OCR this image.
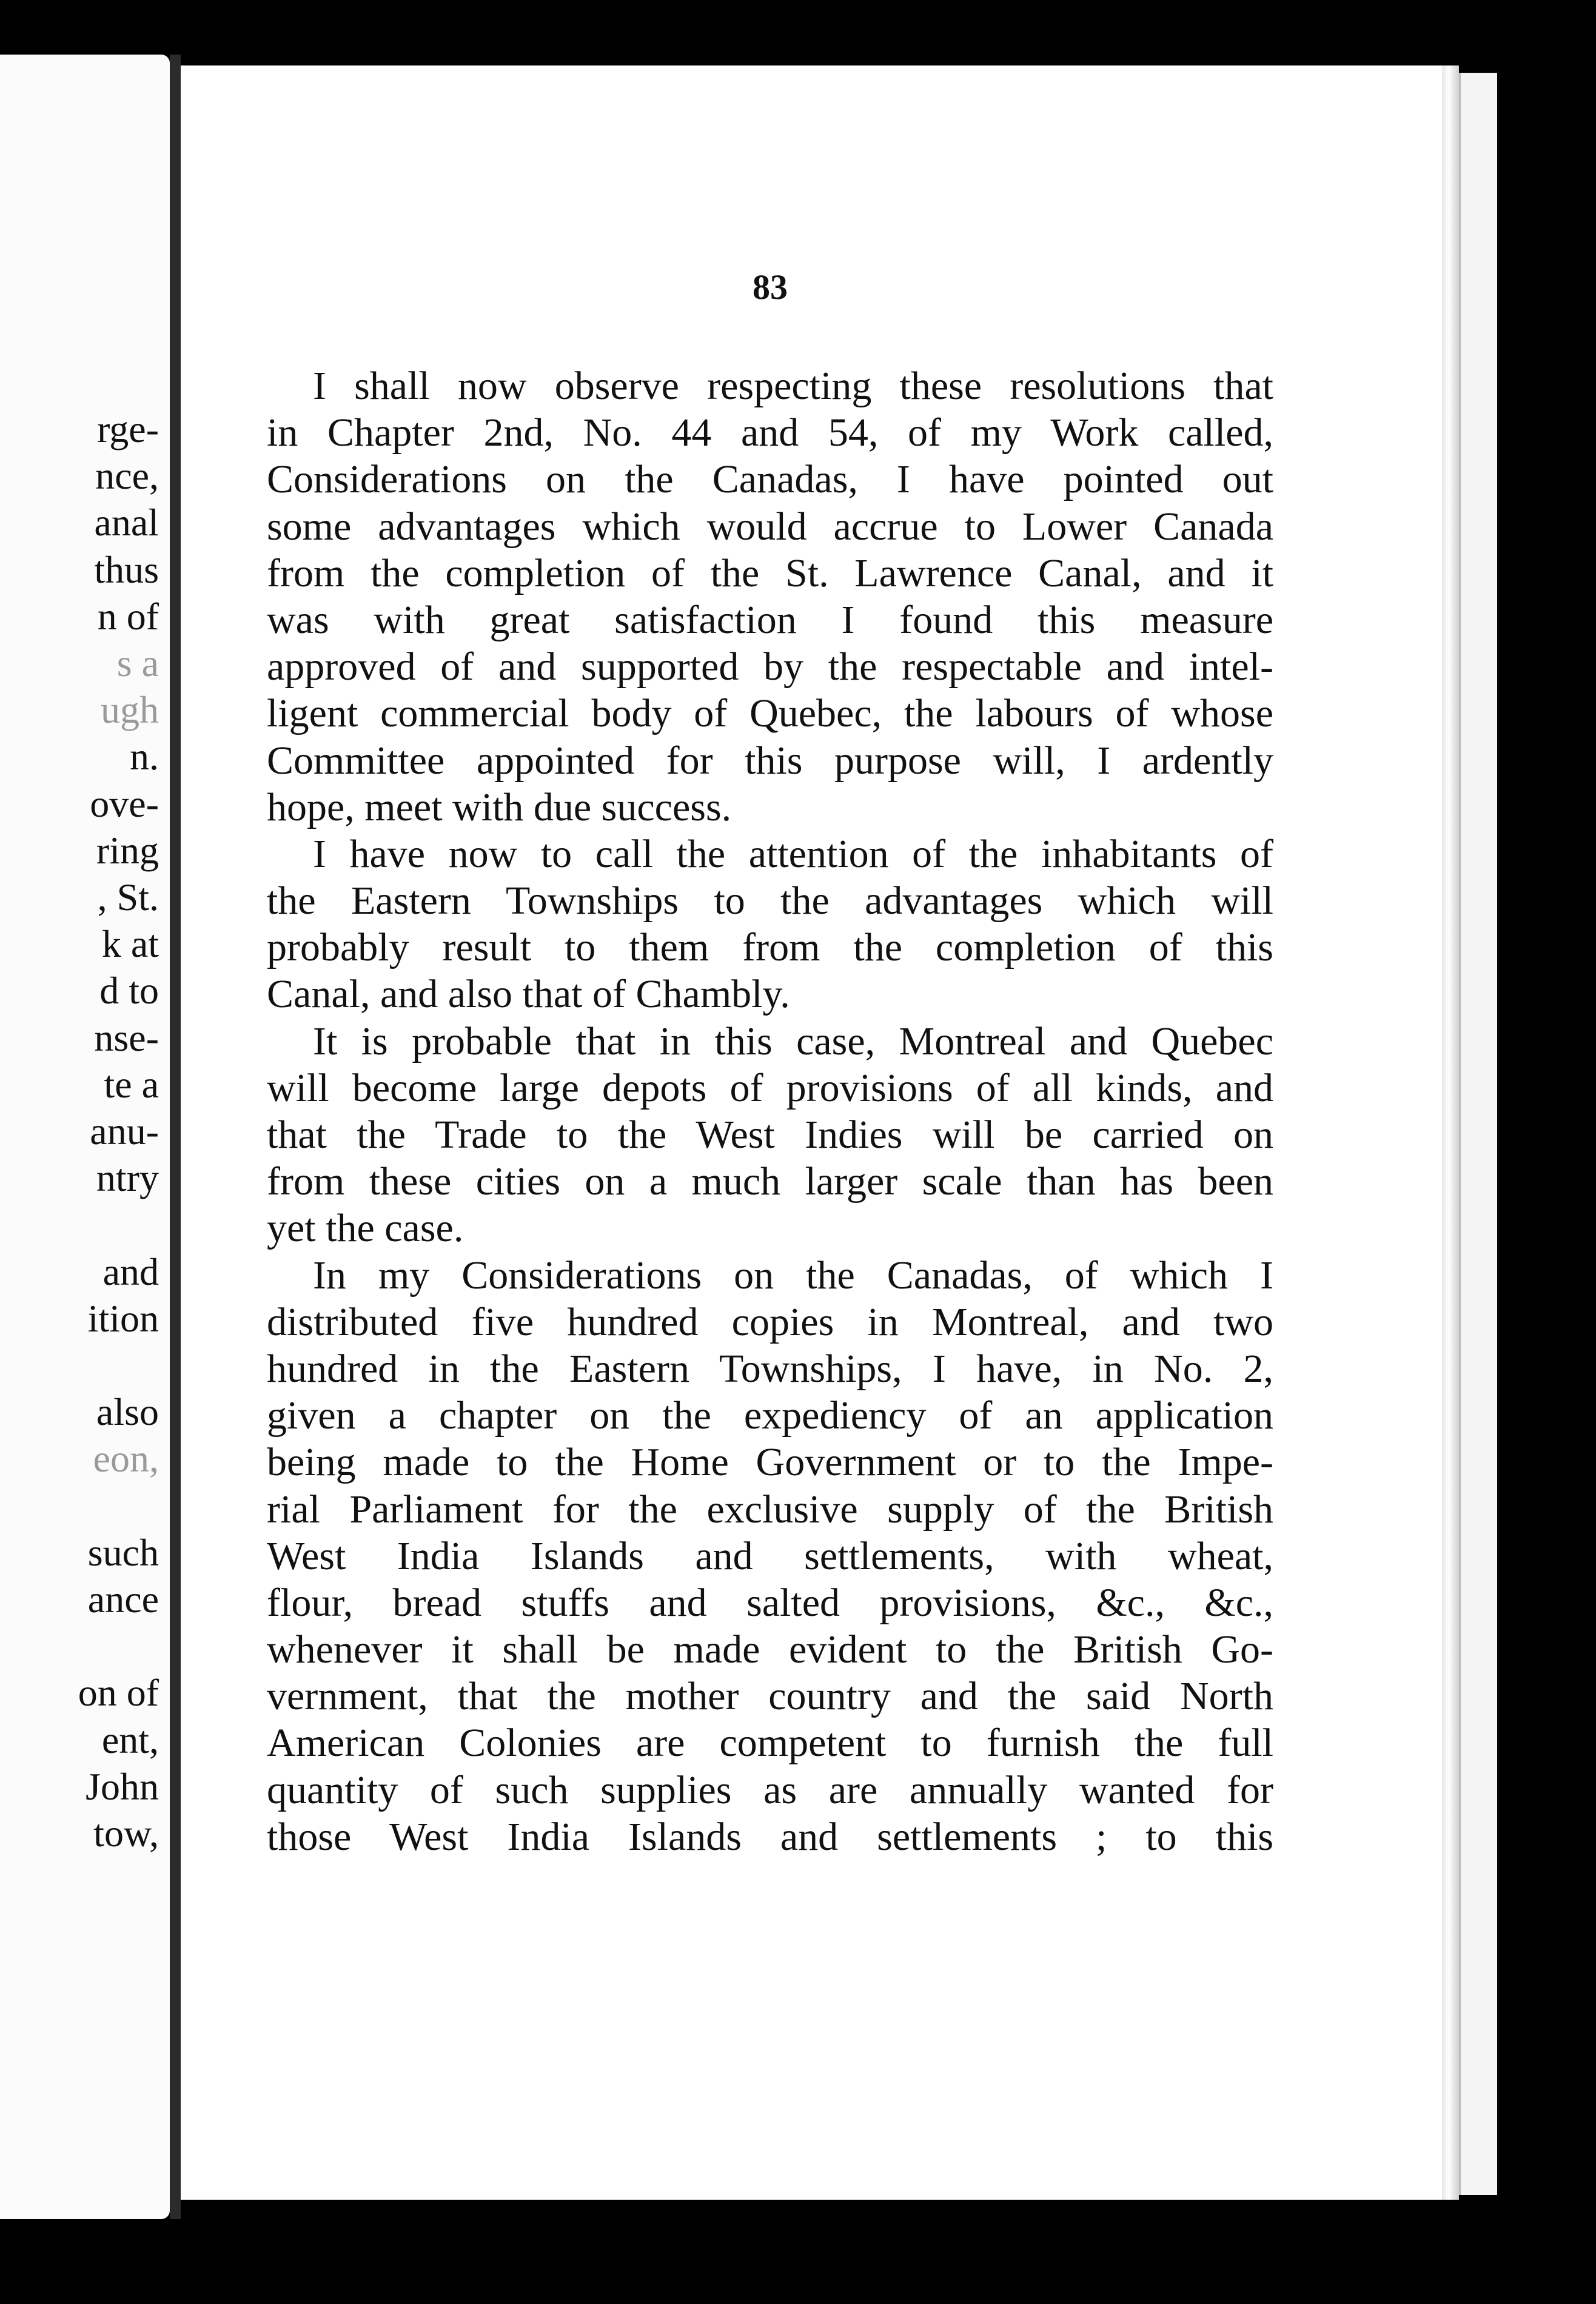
rge-
nce,
anal
thus
n of
s a
ugh
n.
ove-
ring
, St.
k at
d to
nse-
te a
anu-
ntry
and
ition
also
eon,
such
ance
on of
ent,
John
tow,
83
I shall now observe respecting these resolutions that
in Chapter 2nd, No. 44 and 54, of my Work called,
Considerations on the Canadas, I have pointed out
some advantages which would accrue to Lower Canada
from the completion of the St. Lawrence Canal, and it
was with great satisfaction I found this measure
approved of and supported by the respectable and intel-
ligent commercial body of Quebec, the labours of whose
Committee appointed for this purpose will, I ardently
hope, meet with due success.
I have now to call the attention of the inhabitants of
the Eastern Townships to the advantages which will
probably result to them from the completion of this
Canal, and also that of Chambly.
It is probable that in this case, Montreal and Quebec
will become large depots of provisions of all kinds, and
that the Trade to the West Indies will be carried on
from these cities on a much larger scale than has been
yet the case.
In my Considerations on the Canadas, of which I
distributed five hundred copies in Montreal, and two
hundred in the Eastern Townships, I have, in No. 2,
given a chapter on the expediency of an application
being made to the Home Government or to the Impe-
rial Parliament for the exclusive supply of the British
West India Islands and settlements, with wheat,
flour, bread stuffs and salted provisions, &c., &c.,
whenever it shall be made evident to the British Go-
vernment, that the mother country and the said North
American Colonies are competent to furnish the full
quantity of such supplies as are annually wanted for
those West India Islands and settlements ; to this
